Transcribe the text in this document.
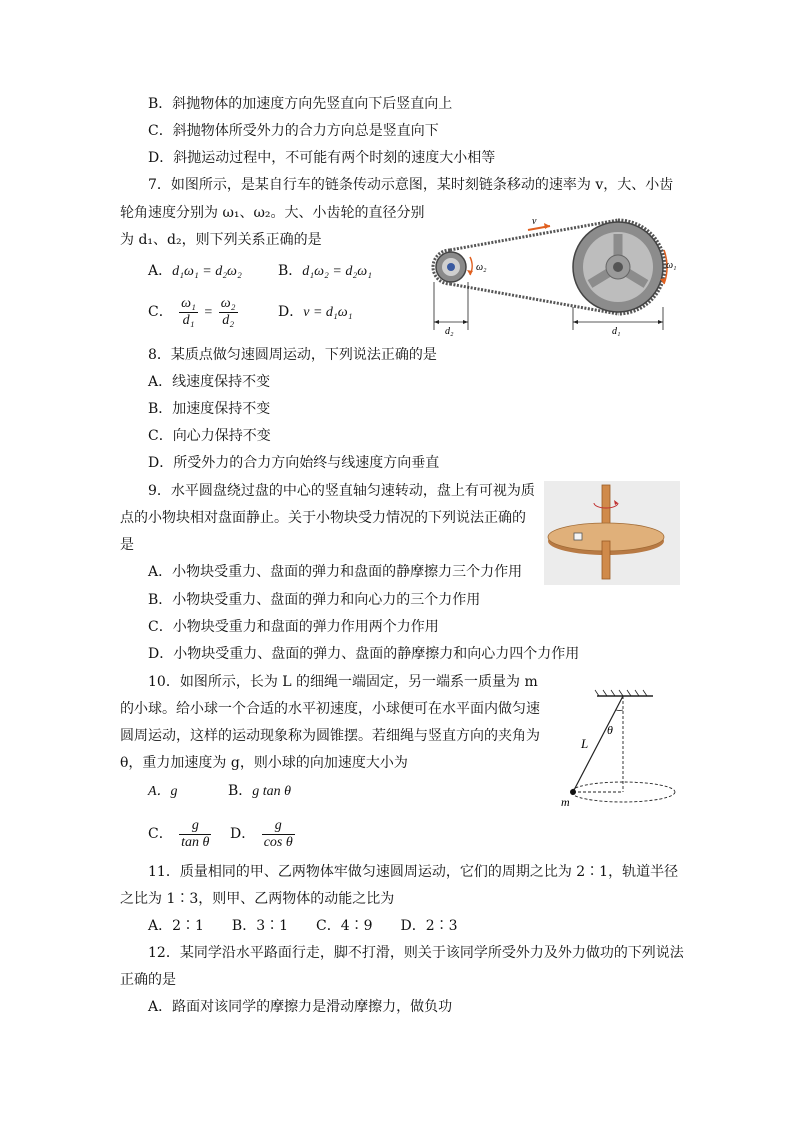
B．斜抛物体的加速度方向先竖直向下后竖直向上
C．斜抛物体所受外力的合力方向总是竖直向下
D．斜抛运动过程中，不可能有两个时刻的速度大小相等
7．如图所示，是某自行车的链条传动示意图，某时刻链条移动的速率为 v，大、小齿
轮角速度分别为 ω₁、ω₂。大、小齿轮的直径分别
为 d₁、d₂，则下列关系正确的是
A．d₁ω₁ = d₂ω₂	B．d₁ω₂ = d₂ω₁
C． $\frac{\text{ω₁}}{\text{d₁}} = \frac{\text{ω₂}}{\text{d₂}}$	D．v = d₁ω₁
v
ω₂	ω₁
d₂	d₁
8．某质点做匀速圆周运动，下列说法正确的是
A．线速度保持不变
B．加速度保持不变
C．向心力保持不变
D．所受外力的合力方向始终与线速度方向垂直
9．水平圆盘绕过盘的中心的竖直轴匀速转动，盘上有可视为质
点的小物块相对盘面静止。关于小物块受力情况的下列说法正确的
是
A．小物块受重力、盘面的弹力和盘面的静摩擦力三个力作用
B．小物块受重力、盘面的弹力和向心力的三个力作用
C．小物块受重力和盘面的弹力作用两个力作用
D．小物块受重力、盘面的弹力、盘面的静摩擦力和向心力四个力作用
10．如图所示，长为 L 的细绳一端固定，另一端系一质量为 m
的小球。给小球一个合适的水平初速度，小球便可在水平面内做匀速
圆周运动，这样的运动现象称为圆锥摆。若细绳与竖直方向的夹角为
θ，重力加速度为 g，则小球的向加速度大小为
A．g	B．g tan θ
C． $\frac{g}{\text{tan θ}}$ D． $\frac{g}{\text{cos θ}}$
θ
L
m
11．质量相同的甲、乙两物体牢做匀速圆周运动，它们的周期之比为 2∶1，轨道半径
之比为 1∶3，则甲、乙两物体的动能之比为
A．2∶1　　B．3∶1　　C．4∶9　　D．2∶3
12．某同学沿水平路面行走，脚不打滑，则关于该同学所受外力及外力做功的下列说法
正确的是
A．路面对该同学的摩擦力是滑动摩擦力，做负功
